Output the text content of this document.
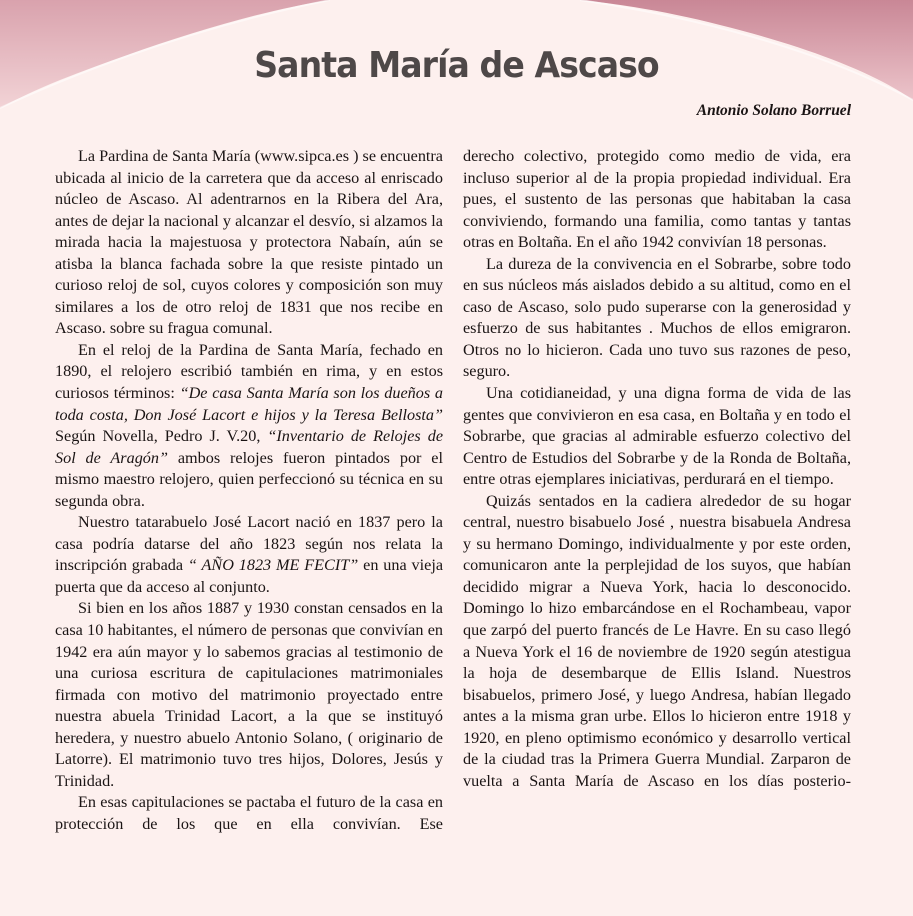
Santa María de Ascaso

Antonio Solano Borruel

La Pardina de Santa María (www.sipca.es ) se encuentra ubicada al inicio de la carretera que da acceso al enriscado núcleo de Ascaso. Al adentrarnos en la Ribera del Ara, antes de dejar la nacional y alcanzar el desvío, si alzamos la mirada hacia la majestuosa y protectora Nabaín, aún se atisba la blanca fachada sobre la que resiste pintado un curioso reloj de sol, cuyos colores y composición son muy similares a los de otro reloj de 1831 que nos recibe en Ascaso. sobre su fragua comunal.

En el reloj de la Pardina de Santa María, fechado en 1890, el relojero escribió también en rima, y en estos curiosos términos: “De casa Santa María son los dueños a toda costa, Don José Lacort e hijos y la Teresa Bellosta” Según Novella, Pedro J. V.20, “Inventario de Relojes de Sol de Aragón” ambos relojes fueron pintados por el mismo maestro relojero, quien perfeccionó su técnica en su segunda obra.

Nuestro tatarabuelo José Lacort nació en 1837 pero la casa podría datarse del año 1823 según nos relata la inscripción grabada “ AÑO 1823 ME FECIT” en una vieja puerta que da acceso al conjunto.

Si bien en los años 1887 y 1930 constan censados en la casa 10 habitantes, el número de personas que convivían en 1942 era aún mayor y lo sabemos gracias al testimonio de una curiosa escritura de capitulaciones matrimoniales firmada con motivo del matrimonio proyectado entre nuestra abuela Trinidad Lacort, a la que se instituyó heredera, y nuestro abuelo Antonio Solano, ( originario de Latorre). El matrimonio tuvo tres hijos, Dolores, Jesús y Trinidad.

En esas capitulaciones se pactaba el futuro de la casa en protección de los que en ella convivían. Ese

derecho colectivo, protegido como medio de vida, era incluso superior al de la propia propiedad individual. Era pues, el sustento de las personas que habitaban la casa conviviendo, formando una familia, como tantas y tantas otras en Boltaña. En el año 1942 convivían 18 personas.

La dureza de la convivencia en el Sobrarbe, sobre todo en sus núcleos más aislados debido a su altitud, como en el caso de Ascaso, solo pudo superarse con la generosidad y esfuerzo de sus habitantes . Muchos de ellos emigraron. Otros no lo hicieron. Cada uno tuvo sus razones de peso, seguro.

Una cotidianeidad, y una digna forma de vida de las gentes que convivieron en esa casa, en Boltaña y en todo el Sobrarbe, que gracias al admirable esfuerzo colectivo del Centro de Estudios del Sobrarbe y de la Ronda de Boltaña, entre otras ejemplares iniciativas, perdurará en el tiempo.

Quizás sentados en la cadiera alrededor de su hogar central, nuestro bisabuelo José , nuestra bisabuela Andresa y su hermano Domingo, individualmente y por este orden, comunicaron ante la perplejidad de los suyos, que habían decidido migrar a Nueva York, hacia lo desconocido. Domingo lo hizo embarcándose en el Rochambeau, vapor que zarpó del puerto francés de Le Havre. En su caso llegó a Nueva York el 16 de noviembre de 1920 según atestigua la hoja de desembarque de Ellis Island. Nuestros bisabuelos, primero José, y luego Andresa, habían llegado antes a la misma gran urbe. Ellos lo hicieron entre 1918 y 1920, en pleno optimismo económico y desarrollo vertical de la ciudad tras la Primera Guerra Mundial. Zarparon de vuelta a Santa María de Ascaso en los días posterio-
